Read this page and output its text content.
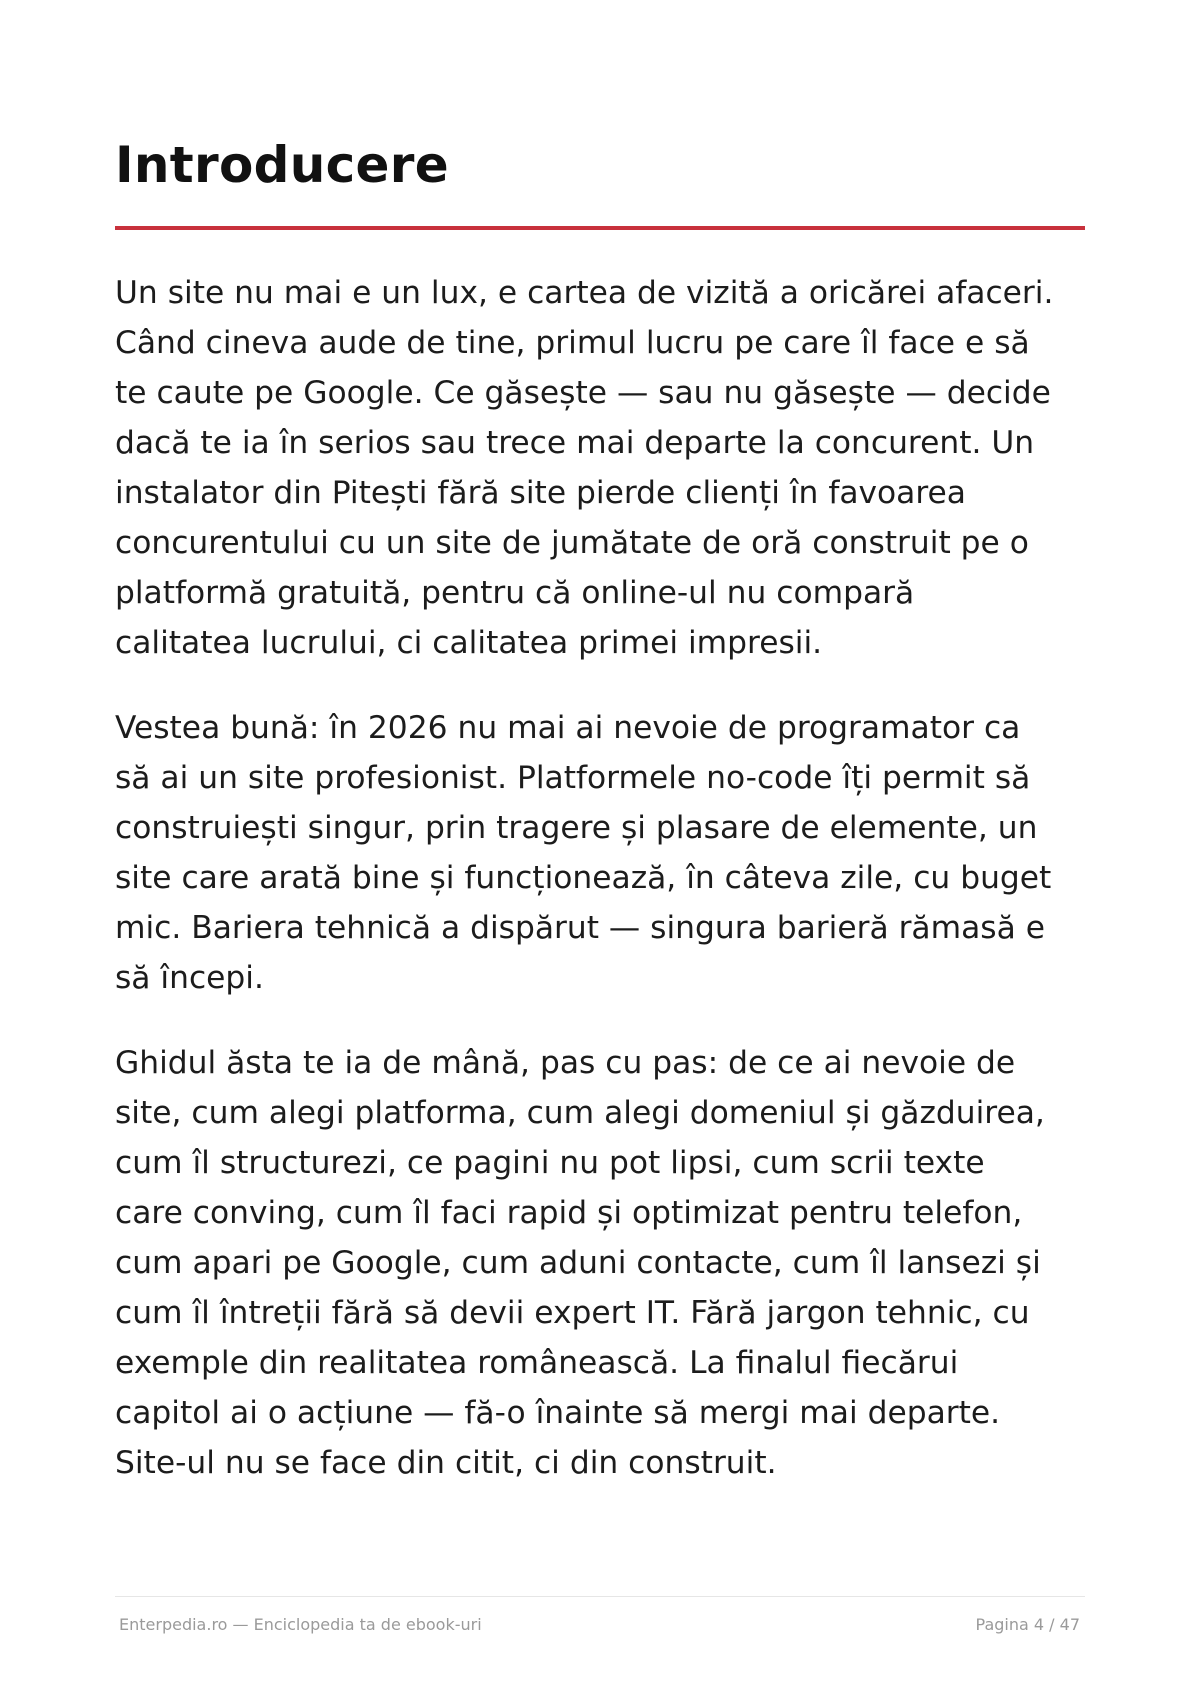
Introducere

Un site nu mai e un lux, e cartea de vizită a oricărei afaceri.
Când cineva aude de tine, primul lucru pe care îl face e să
te caute pe Google. Ce găsește — sau nu găsește — decide
dacă te ia în serios sau trece mai departe la concurent. Un
instalator din Pitești fără site pierde clienți în favoarea
concurentului cu un site de jumătate de oră construit pe o
platformă gratuită, pentru că online-ul nu compară
calitatea lucrului, ci calitatea primei impresii.

Vestea bună: în 2026 nu mai ai nevoie de programator ca
să ai un site profesionist. Platformele no-code îți permit să
construiești singur, prin tragere și plasare de elemente, un
site care arată bine și funcționează, în câteva zile, cu buget
mic. Bariera tehnică a dispărut — singura barieră rămasă e
să începi.

Ghidul ăsta te ia de mână, pas cu pas: de ce ai nevoie de
site, cum alegi platforma, cum alegi domeniul și găzduirea,
cum îl structurezi, ce pagini nu pot lipsi, cum scrii texte
care conving, cum îl faci rapid și optimizat pentru telefon,
cum apari pe Google, cum aduni contacte, cum îl lansezi și
cum îl întreții fără să devii expert IT. Fără jargon tehnic, cu
exemple din realitatea românească. La finalul fiecărui
capitol ai o acțiune — fă-o înainte să mergi mai departe.
Site-ul nu se face din citit, ci din construit.

Enterpedia.ro — Enciclopedia ta de ebook-uri	Pagina 4 / 47
